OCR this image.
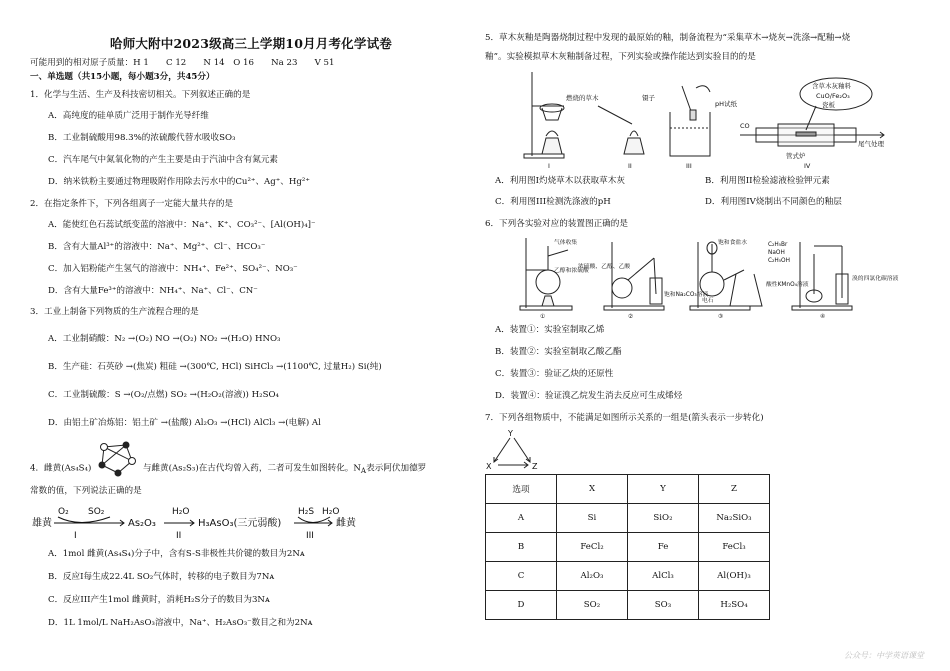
哈师大附中2023级高三上学期10月月考化学试卷
可能用到的相对原子质量：H 1　　C 12　　N 14　O 16　　Na 23　　V 51
一、单选题（共15小题，每小题3分，共45分）
1．化学与生活、生产及科技密切相关。下列叙述正确的是
A．高纯度的硅单质广泛用于制作光导纤维
B．工业制硫酸用98.3%的浓硫酸代替水吸收SO₃
C．汽车尾气中氮氧化物的产生主要是由于汽油中含有氮元素
D．纳米铁粉主要通过物理吸附作用除去污水中的Cu²⁺、Ag⁺、Hg²⁺
2．在指定条件下，下列各组离子一定能大量共存的是
A．能使红色石蕊试纸变蓝的溶液中：Na⁺、K⁺、CO₃²⁻、[Al(OH)₄]⁻
B．含有大量Al³⁺的溶液中：Na⁺、Mg²⁺、Cl⁻、HCO₃⁻
C．加入铝粉能产生氢气的溶液中：NH₄⁺、Fe²⁺、SO₄²⁻、NO₃⁻
D．含有大量Fe³⁺的溶液中：NH₄⁺、Na⁺、Cl⁻、CN⁻
3．工业上制备下列物质的生产流程合理的是
A．工业制硝酸：N₂ →(O₂) NO →(O₂) NO₂ →(H₂O) HNO₃
B．生产硅：石英砂 →(焦炭) 粗硅 →(300℃, HCl) SiHCl₃ →(1100℃, 过量H₂) Si(纯)
C．工业制硫酸：S →(O₂/点燃) SO₂ →(H₂O₂(溶液)) H₂SO₄
D．由铝土矿冶炼铝：铝土矿 →(盐酸) Al₂O₃ →(HCl) AlCl₃ →(电解) Al
4．雌黄(As₄S₄)	与雌黄(As₂S₃)在古代均曾入药，二者可发生如图转化。$N_A$表示阿伏加德罗
常数的值，下列说法正确的是
雄黄
O₂ SO₂
I
As₂O₃
H₂O
II
H₃AsO₃(三元弱酸)
H₂S H₂O
III
雌黄
A．1mol 雌黄(As₄S₄)分子中，含有S-S非极性共价键的数目为2Nᴀ
B．反应I每生成22.4L SO₂气体时，转移的电子数目为7Nᴀ
C．反应III产生1mol 雌黄时，消耗H₂S分子的数目为3Nᴀ
D．1L 1mol/L NaH₂AsO₃溶液中，Na⁺、H₂AsO₃⁻数目之和为2Nᴀ
5．草木灰釉是陶器烧制过程中发现的最原始的釉，制备流程为“采集草木→烧灰→洗涤→配釉→烧
釉”。实验模拟草木灰釉制备过程，下列实验或操作能达到实验目的的是
燃烧的草木	镊子
pH试纸
CO
含草木灰釉料
CuO/Fe₂O₃
瓷板
尾气处理
管式炉
I	II	III	IV
A．利用图I灼烧草木以获取草木灰	B．利用图II检验滤液检验钾元素
C．利用图III检测洗涤液的pH	D．利用图IV烧制出不同颜色的釉层
6．下列各实验对应的装置图正确的是
气体收集
乙醇和浓硫酸
浓硫酸、乙醇、乙酸
饱和Na₂CO₃溶液
饱和食盐水
电石
酸性KMnO₄溶液
C₂H₅Br
NaOH
C₂H₅OH
溴的四氯化碳溶液
①	②	③	④
A．装置①：实验室制取乙烯
B．装置②：实验室制取乙酸乙酯
C．装置③：验证乙炔的还原性
D．装置④：验证溴乙烷发生消去反应可生成烯烃
7．下列各组物质中，不能满足如图所示关系的一组是(箭头表示一步转化)
Y
X	Z
选项	X	Y	Z
A	Si	SiO₂	Na₂SiO₃
B	FeCl₂	Fe	FeCl₃
C	Al₂O₃	AlCl₃	Al(OH)₃
D	SO₂	SO₃	H₂SO₄
公众号：中学英语课堂
